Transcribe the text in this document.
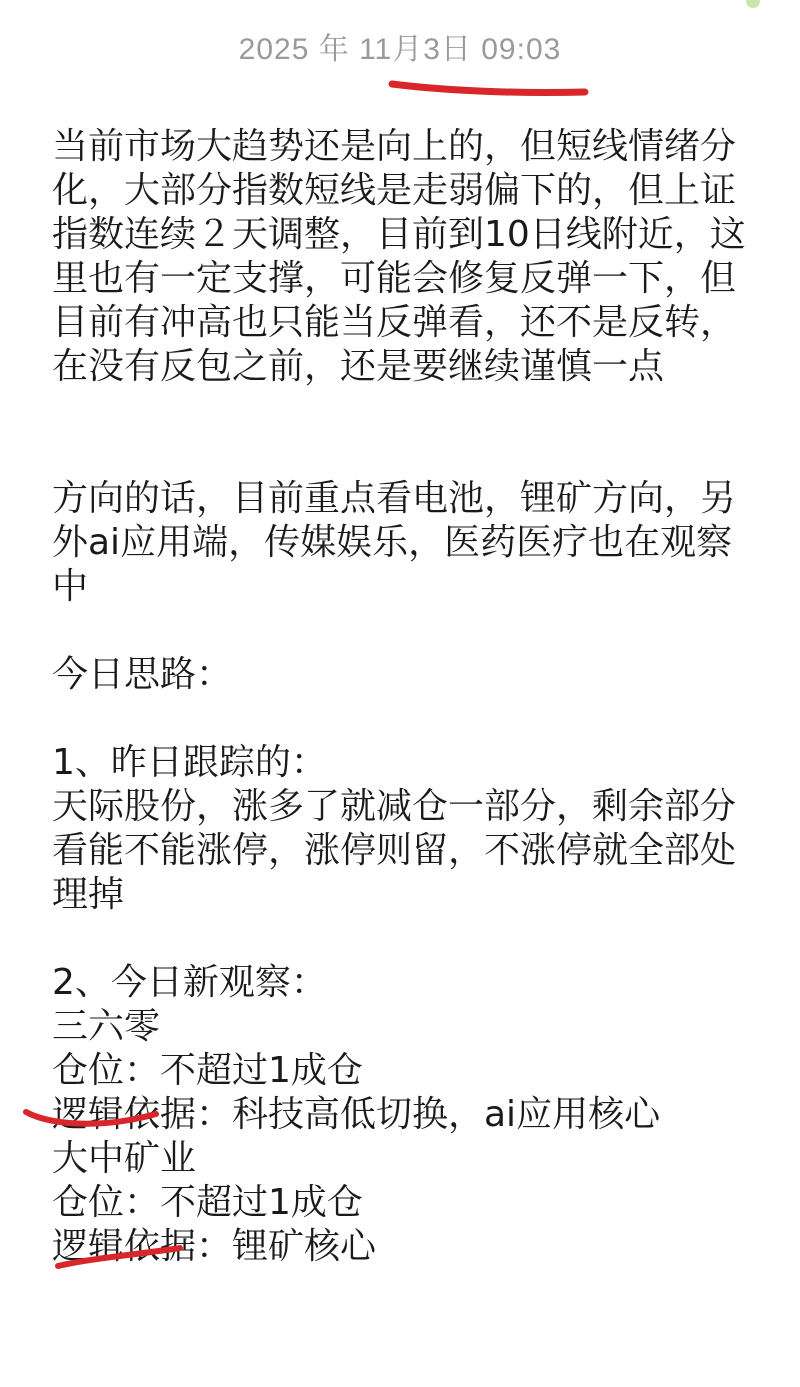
2025 年 11月3日 09:03
当前市场大趋势还是向上的，但短线情绪分
化，大部分指数短线是走弱偏下的，但上证
指数连续２天调整，目前到10日线附近，这
里也有一定支撑，可能会修复反弹一下，但
目前有冲高也只能当反弹看，还不是反转，
在没有反包之前，还是要继续谨慎一点
方向的话，目前重点看电池，锂矿方向，另
外ai应用端，传媒娱乐，医药医疗也在观察
中
今日思路：
1、昨日跟踪的：
天际股份，涨多了就减仓一部分，剩余部分
看能不能涨停，涨停则留，不涨停就全部处
理掉
2、今日新观察：
三六零
仓位：不超过1成仓
逻辑依据：科技高低切换，ai应用核心
大中矿业
仓位：不超过1成仓
逻辑依据：锂矿核心
